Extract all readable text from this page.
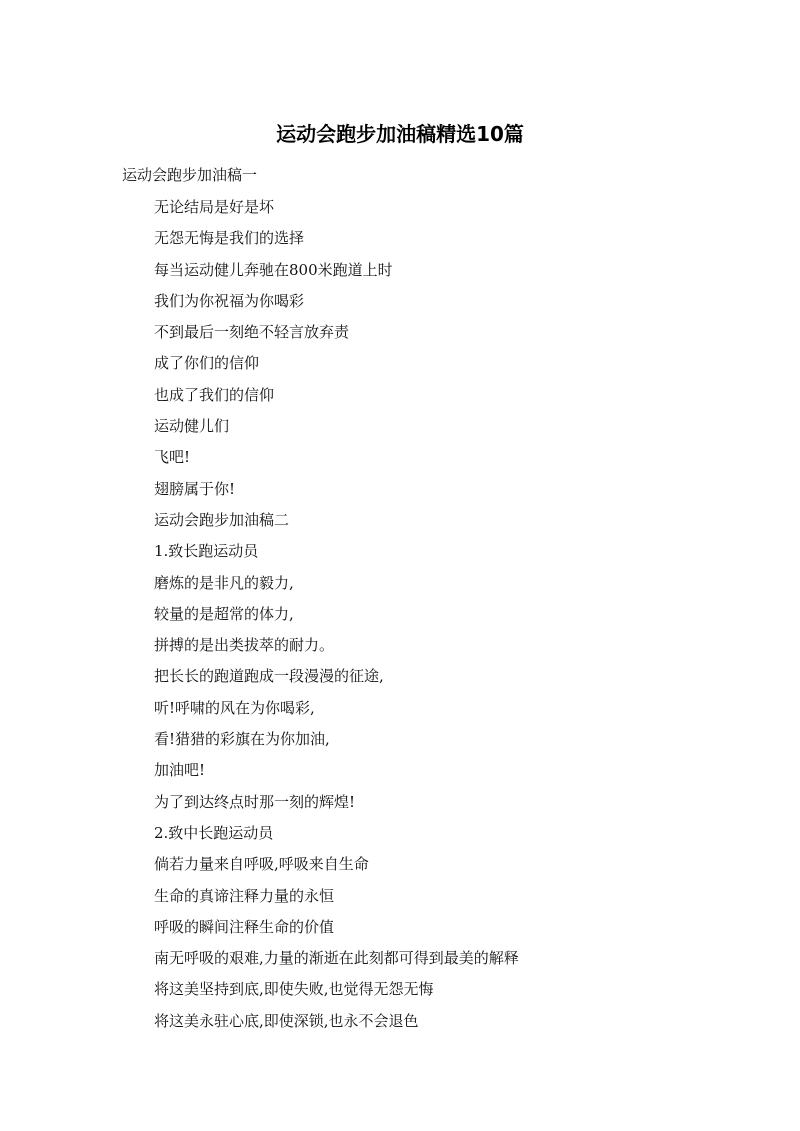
运动会跑步加油稿精选10篇
运动会跑步加油稿一
无论结局是好是坏
无怨无悔是我们的选择
每当运动健儿奔驰在800米跑道上时
我们为你祝福为你喝彩
不到最后一刻绝不轻言放弃责
成了你们的信仰
也成了我们的信仰
运动健儿们
飞吧!
翅膀属于你!
运动会跑步加油稿二
1.致长跑运动员
磨炼的是非凡的毅力,
较量的是超常的体力,
拼搏的是出类拔萃的耐力。
把长长的跑道跑成一段漫漫的征途,
听!呼啸的风在为你喝彩,
看!猎猎的彩旗在为你加油,
加油吧!
为了到达终点时那一刻的辉煌!
2.致中长跑运动员
倘若力量来自呼吸,呼吸来自生命
生命的真谛注释力量的永恒
呼吸的瞬间注释生命的价值
南无呼吸的艰难,力量的渐逝在此刻都可得到最美的解释
将这美坚持到底,即使失败,也觉得无怨无悔
将这美永驻心底,即使深锁,也永不会退色
